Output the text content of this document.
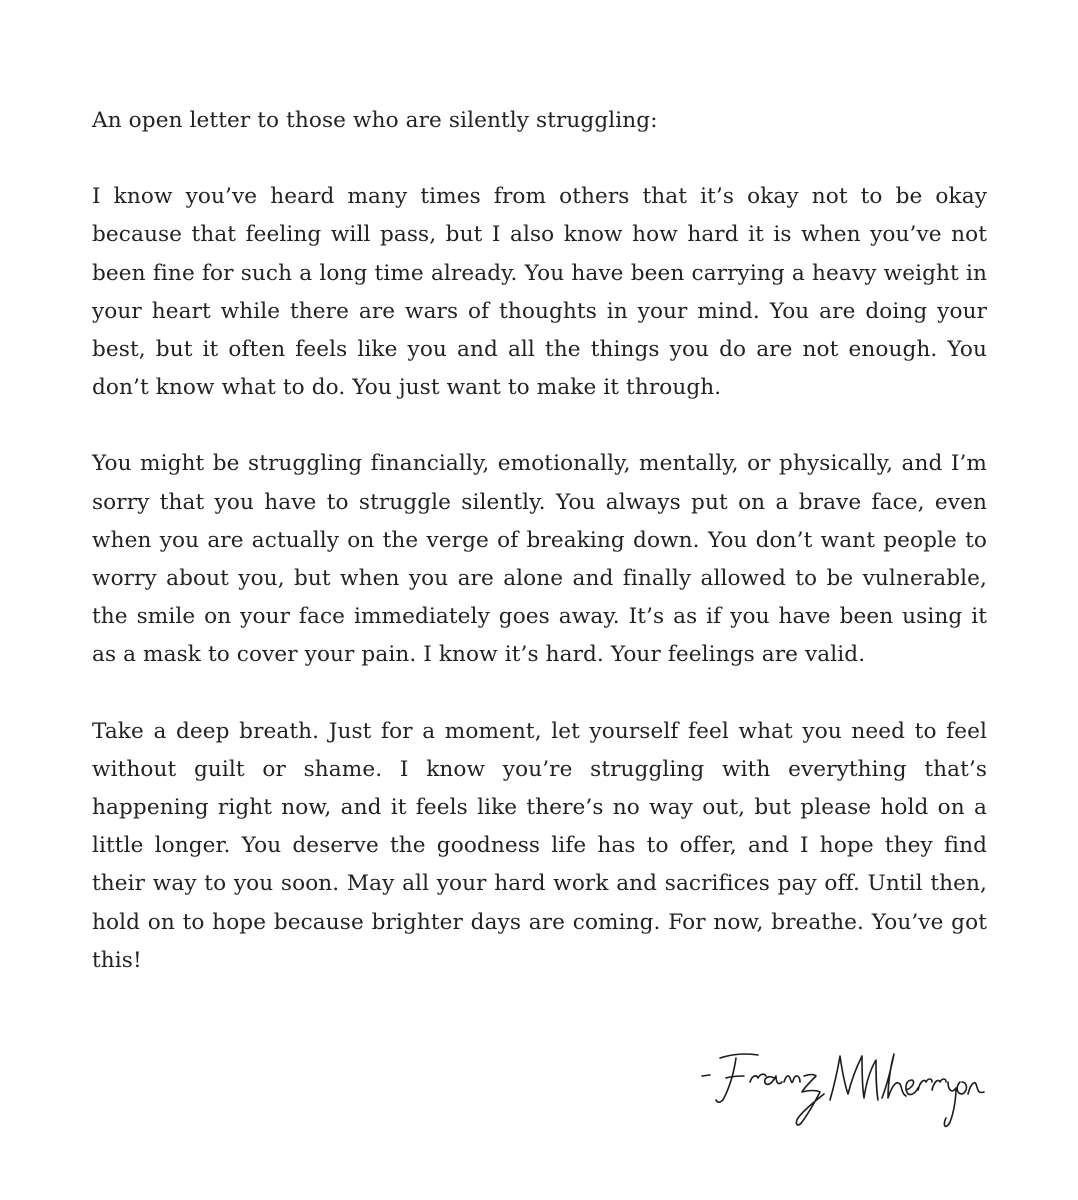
An open letter to those who are silently struggling:

I know you’ve heard many times from others that it’s okay not to be okay because that feeling will pass, but I also know how hard it is when you’ve not been fine for such a long time already. You have been carrying a heavy weight in your heart while there are wars of thoughts in your mind. You are doing your best, but it often feels like you and all the things you do are not enough. You don’t know what to do. You just want to make it through.

You might be struggling financially, emotionally, mentally, or physically, and I’m sorry that you have to struggle silently. You always put on a brave face, even when you are actually on the verge of breaking down. You don’t want people to worry about you, but when you are alone and finally allowed to be vulnerable, the smile on your face immediately goes away. It’s as if you have been using it as a mask to cover your pain. I know it’s hard. Your feelings are valid.

Take a deep breath. Just for a moment, let yourself feel what you need to feel without guilt or shame. I know you’re struggling with everything that’s happening right now, and it feels like there’s no way out, but please hold on a little longer. You deserve the goodness life has to offer, and I hope they find their way to you soon. May all your hard work and sacrifices pay off. Until then, hold on to hope because brighter days are coming. For now, breathe. You’ve got this!
